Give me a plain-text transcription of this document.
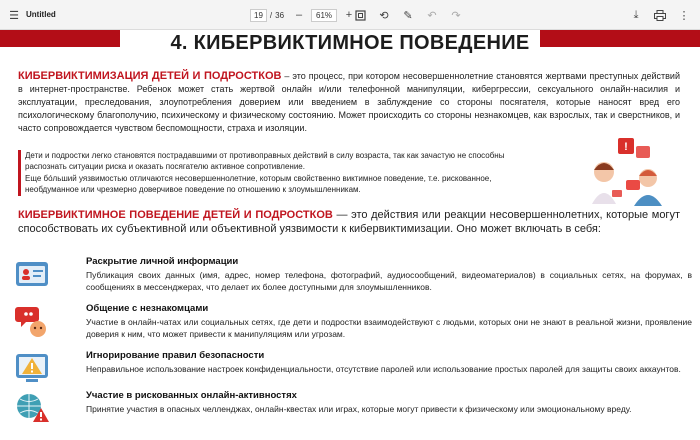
☰ Untitled	19 / 36	–	61%	+	⟲	✎	↶	↷	⤓	⋮
4. КИБЕРВИКТИМНОЕ ПОВЕДЕНИЕ
КИБЕРВИКТИМИЗАЦИЯ ДЕТЕЙ И ПОДРОСТКОВ – это процесс, при котором несовершеннолетние становятся жертвами преступных действий в интернет-пространстве. Ребенок может стать жертвой онлайн и/или телефонной манипуляции, кибергрессии, сексуального онлайн-насилия и эксплуатации, преследования, злоупотребления доверием или введением в заблуждение со стороны посягателя, которые наносят вред его психологическому благополучию, психическому и физическому состоянию. Может происходить со стороны незнакомцев, как взрослых, так и сверстников, и часто сопровождается чувством беспомощности, страха и изоляции.

Дети и подростки легко становятся пострадавшими от противоправных действий в силу возраста, так как зачастую не способны распознать ситуации риска и оказать посягателю активное сопротивление.

Еще бóльший уязвимостью отличаются несовершеннолетние, которым свойственно виктимное поведение, т.е. рискованное, необдуманное или чрезмерно доверчивое поведение по отношению к злоумышленникам.

!
КИБЕРВИКТИМНОЕ ПОВЕДЕНИЕ ДЕТЕЙ И ПОДРОСТКОВ — это действия или реакции несовершеннолетних, которые могут способствовать их субъективной или объективной уязвимости к кибервиктимизации. Оно может включать в себя:
Раскрытие личной информации
Публикация своих данных (имя, адрес, номер телефона, фотографий, аудиосообщений, видеоматериалов) в социальных сетях, на форумах, в сообщениях в мессенджерах, что делает их более доступными для злоумышленников.
Общение с незнакомцами
Участие в онлайн-чатах или социальных сетях, где дети и подростки взаимодействуют с людьми, которых они не знают в реальной жизни, проявление доверия к ним, что может привести к манипуляциям или угрозам.
Игнорирование правил безопасности
Неправильное использование настроек конфиденциальности, отсутствие паролей или использование простых паролей для защиты своих аккаунтов.
Участие в рискованных онлайн-активностях
Принятие участия в опасных челленджах, онлайн-квестах или играх, которые могут привести к физическому или эмоциональному вреду.
